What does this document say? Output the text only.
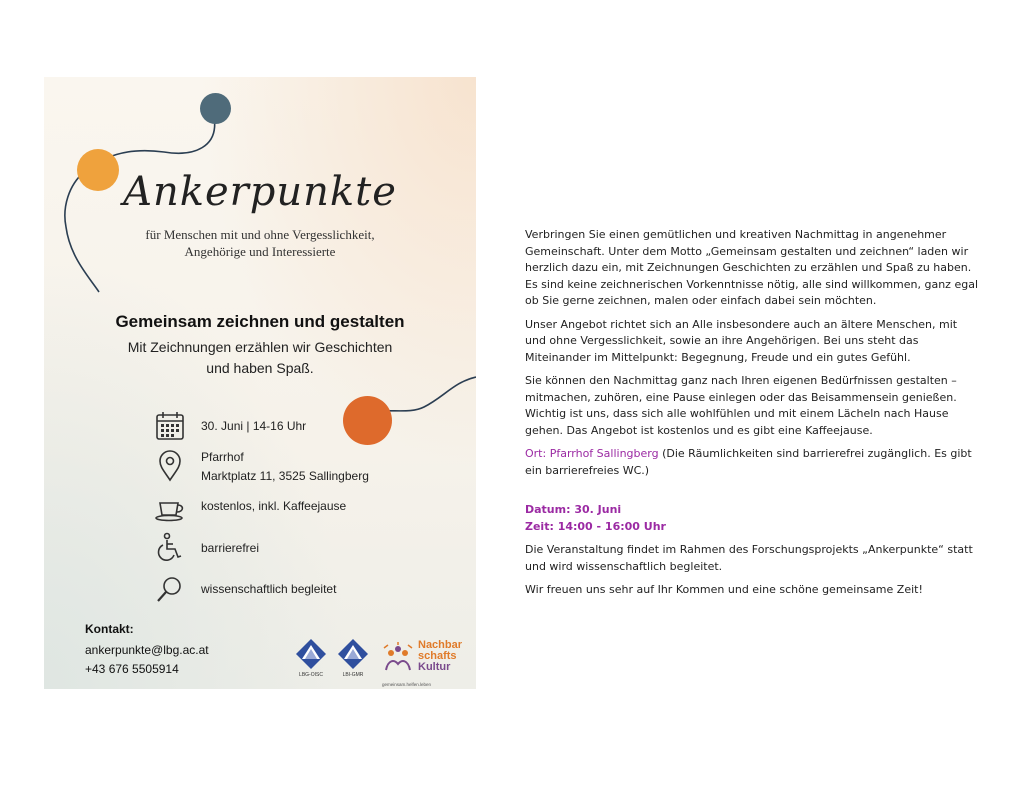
Ankerpunkte
für Menschen mit und ohne Vergesslichkeit,
Angehörige und Interessierte
Gemeinsam zeichnen und gestalten
Mit Zeichnungen erzählen wir Geschichten
und haben Spaß.
30. Juni | 14-16 Uhr
Pfarrhof
Marktplatz 11, 3525 Sallingberg
kostenlos, inkl. Kaffeejause
barrierefrei
wissenschaftlich begleitet
Kontakt:
ankerpunkte@lbg.ac.at
+43 676 5505914	LBG-OISC	LBI-GMR
Nachbar
schafts
Kultur
gemeinsam.helfen.leben

Verbringen Sie einen gemütlichen und kreativen Nachmittag in angenehmer Gemeinschaft. Unter dem Motto „Gemeinsam gestalten und zeichnen“ laden wir herzlich dazu ein, mit Zeichnungen Geschichten zu erzählen und Spaß zu haben. Es sind keine zeichnerischen Vorkenntnisse nötig, alle sind willkommen, ganz egal ob Sie gerne zeichnen, malen oder einfach dabei sein möchten.

Unser Angebot richtet sich an Alle insbesondere auch an ältere Menschen, mit und ohne Vergesslichkeit, sowie an ihre Angehörigen. Bei uns steht das Miteinander im Mittelpunkt: Begegnung, Freude und ein gutes Gefühl.

Sie können den Nachmittag ganz nach Ihren eigenen Bedürfnissen gestalten – mitmachen, zuhören, eine Pause einlegen oder das Beisammensein genießen. Wichtig ist uns, dass sich alle wohlfühlen und mit einem Lächeln nach Hause gehen. Das Angebot ist kostenlos und es gibt eine Kaffeejause.

Ort: Pfarrhof Sallingberg (Die Räumlichkeiten sind barrierefrei zugänglich. Es gibt ein barrierefreies WC.)

Datum: 30. Juni

Zeit: 14:00 - 16:00 Uhr

Die Veranstaltung findet im Rahmen des Forschungsprojekts „Ankerpunkte“ statt und wird wissenschaftlich begleitet.

Wir freuen uns sehr auf Ihr Kommen und eine schöne gemeinsame Zeit!
